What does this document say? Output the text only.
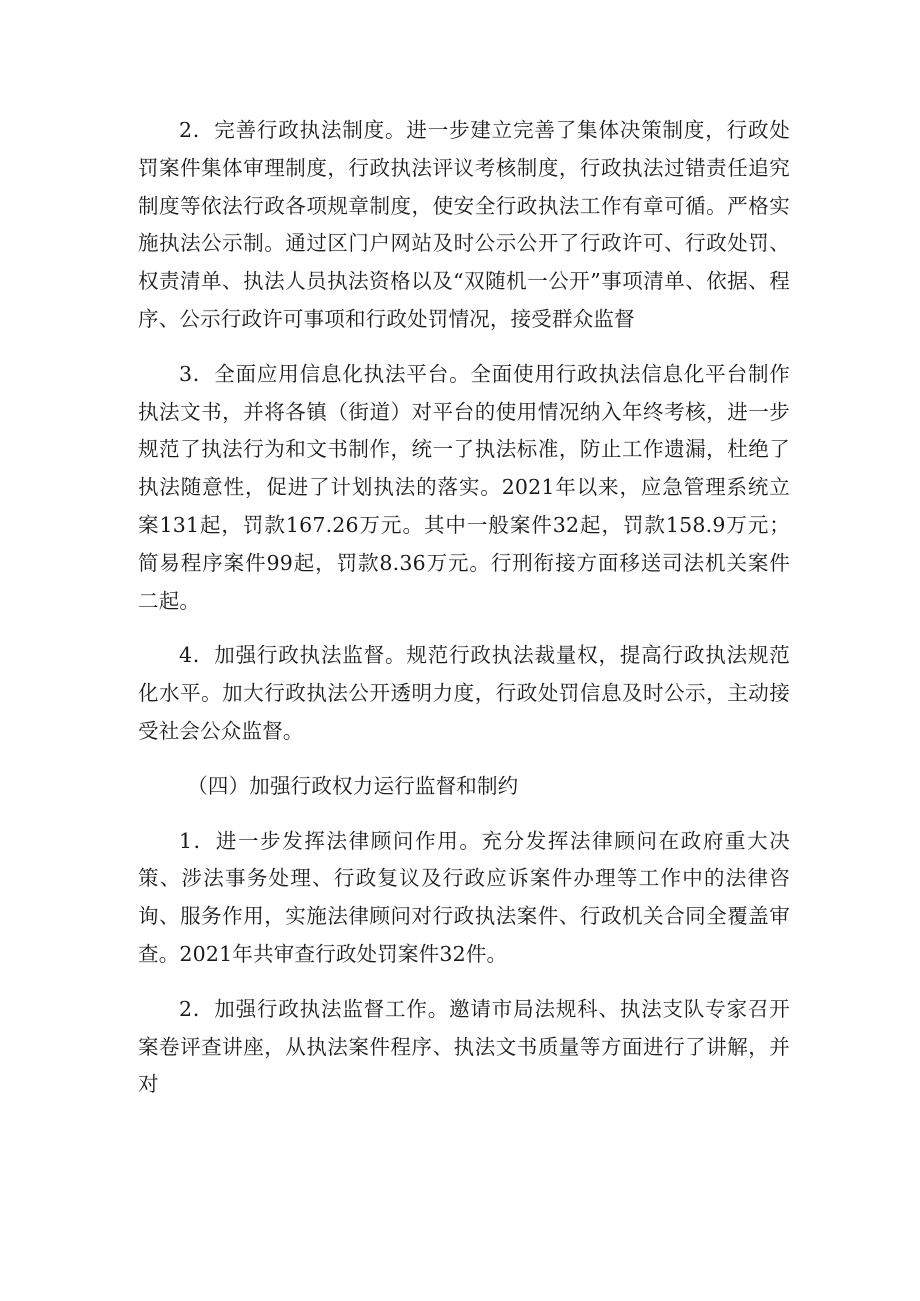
2．完善行政执法制度。进一步建立完善了集体决策制度，行政处罚案件集体审理制度，行政执法评议考核制度，行政执法过错责任追究制度等依法行政各项规章制度，使安全行政执法工作有章可循。严格实施执法公示制。通过区门户网站及时公示公开了行政许可、行政处罚、权责清单、执法人员执法资格以及“双随机一公开”事项清单、依据、程序、公示行政许可事项和行政处罚情况，接受群众监督

3．全面应用信息化执法平台。全面使用行政执法信息化平台制作执法文书，并将各镇（街道）对平台的使用情况纳入年终考核，进一步规范了执法行为和文书制作，统一了执法标准，防止工作遗漏，杜绝了执法随意性，促进了计划执法的落实。2021年以来，应急管理系统立案131起，罚款167.26万元。其中一般案件32起，罚款158.9万元；简易程序案件99起，罚款8.36万元。行刑衔接方面移送司法机关案件二起。

4．加强行政执法监督。规范行政执法裁量权，提高行政执法规范化水平。加大行政执法公开透明力度，行政处罚信息及时公示，主动接受社会公众监督。

（四）加强行政权力运行监督和制约

1．进一步发挥法律顾问作用。充分发挥法律顾问在政府重大决策、涉法事务处理、行政复议及行政应诉案件办理等工作中的法律咨询、服务作用，实施法律顾问对行政执法案件、行政机关合同全覆盖审查。2021年共审查行政处罚案件32件。

2．加强行政执法监督工作。邀请市局法规科、执法支队专家召开案卷评查讲座，从执法案件程序、执法文书质量等方面进行了讲解，并对
